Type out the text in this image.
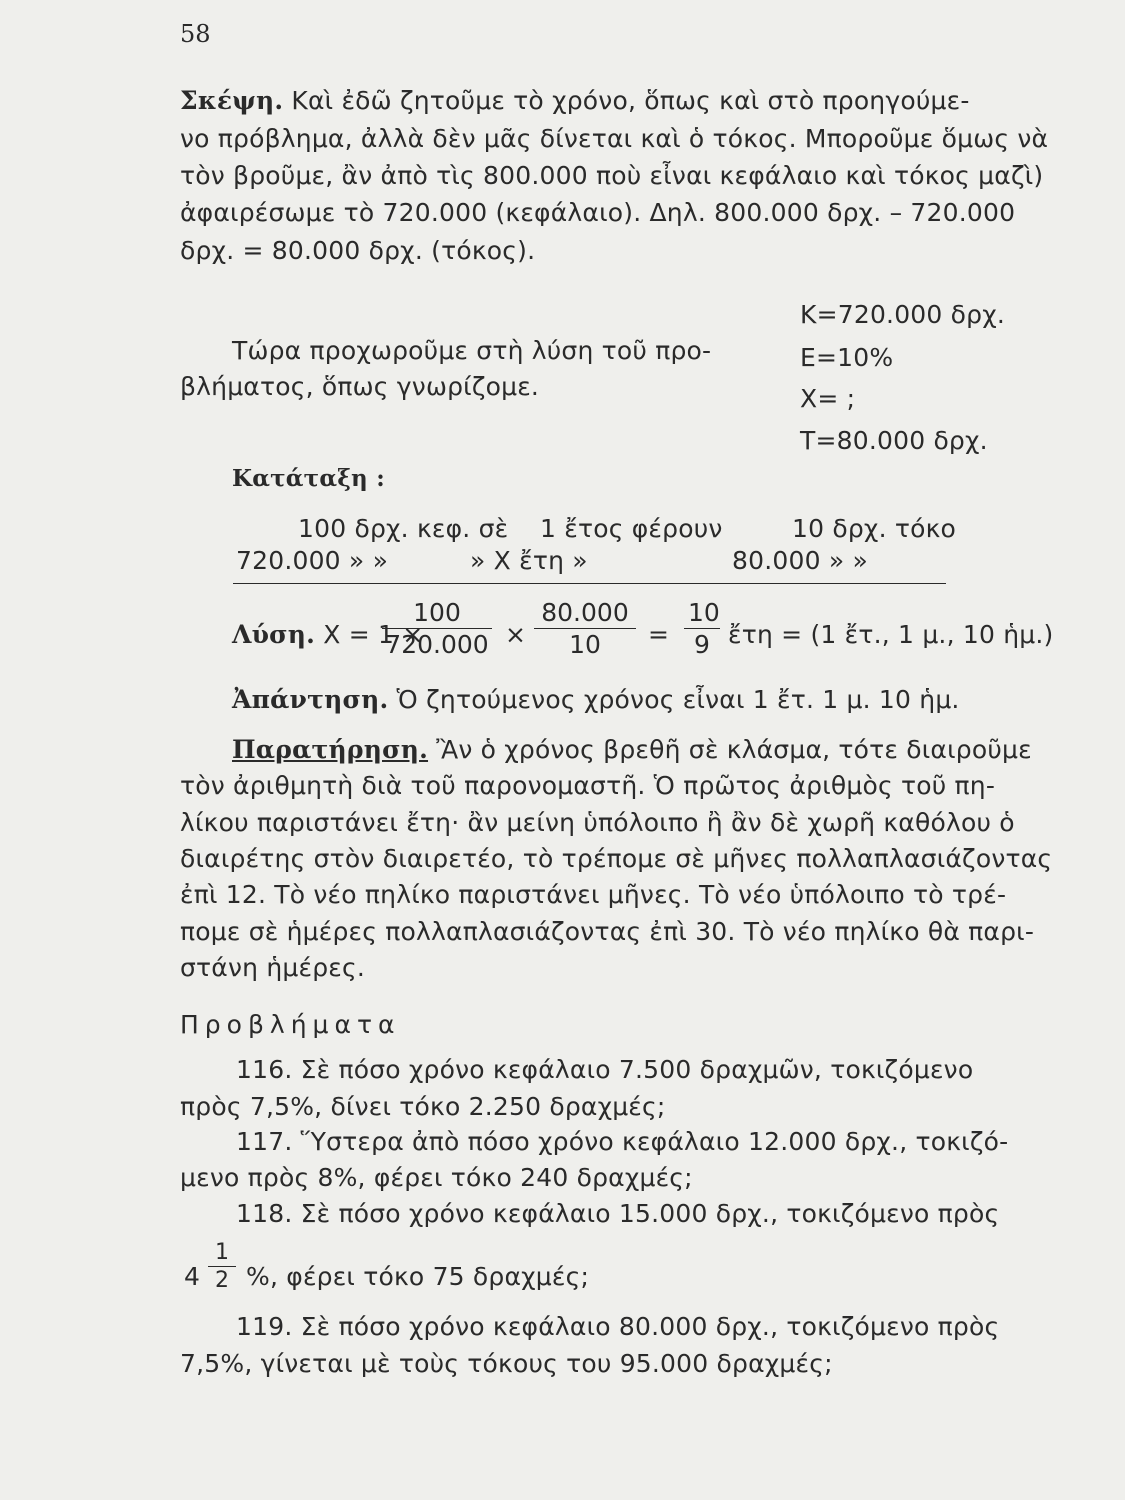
58
Σκέψη. Καὶ ἐδῶ ζητοῦμε τὸ χρόνο, ὅπως καὶ στὸ προηγούμε-
νο πρόβλημα, ἀλλὰ δὲν μᾶς δίνεται καὶ ὁ τόκος. Μποροῦμε ὅμως νὰ
τὸν βροῦμε, ἂν ἀπὸ τὶς 800.000 ποὺ εἶναι κεφάλαιο καὶ τόκος μαζὶ)
ἀφαιρέσωμε τὸ 720.000 (κεφάλαιο). Δηλ. 800.000 δρχ. – 720.000
δρχ. = 80.000 δρχ. (τόκος).
Τώρα προχωροῦμε στὴ λύση τοῦ προ-
βλήματος, ὅπως γνωρίζομε.
Κ=720.000 δρχ.
Ε=10%
Χ= ;
Τ=80.000 δρχ.
Κατάταξη :
100 δρχ. κεφ. σὲ 1 ἔτος φέρουν	10 δρχ. τόκο
720.000 » »	» Χ ἔτη »	80.000 » »
Λύση. Χ = 1 ×
$\frac{100}{720.000} \times \frac{80.000}{10} = \frac{10}{9}$ ἔτη = (1 ἔτ., 1 μ., 10 ἡμ.)
Ἀπάντηση. Ὁ ζητούμενος χρόνος εἶναι 1 ἔτ. 1 μ. 10 ἡμ.
Παρατήρηση. Ἂν ὁ χρόνος βρεθῆ σὲ κλάσμα, τότε διαιροῦμε
τὸν ἀριθμητὴ διὰ τοῦ παρονομαστῆ. Ὁ πρῶτος ἀριθμὸς τοῦ πη-
λίκου παριστάνει ἔτη· ἂν μείνη ὑπόλοιπο ἢ ἂν δὲ χωρῆ καθόλου ὁ
διαιρέτης στὸν διαιρετέο, τὸ τρέπομε σὲ μῆνες πολλαπλασιάζοντας
ἐπὶ 12. Τὸ νέο πηλίκο παριστάνει μῆνες. Τὸ νέο ὑπόλοιπο τὸ τρέ-
πομε σὲ ἡμέρες πολλαπλασιάζοντας ἐπὶ 30. Τὸ νέο πηλίκο θὰ παρι-
στάνη ἡμέρες.
Προβλήματα
116. Σὲ πόσο χρόνο κεφάλαιο 7.500 δραχμῶν, τοκιζόμενο
πρὸς 7,5%, δίνει τόκο 2.250 δραχμές;
117. Ὕστερα ἀπὸ πόσο χρόνο κεφάλαιο 12.000 δρχ., τοκιζό-
μενο πρὸς 8%, φέρει τόκο 240 δραχμές;
118. Σὲ πόσο χρόνο κεφάλαιο 15.000 δρχ., τοκιζόμενο πρὸς
$4 \frac{1}{2}$ %, φέρει τόκο 75 δραχμές;
119. Σὲ πόσο χρόνο κεφάλαιο 80.000 δρχ., τοκιζόμενο πρὸς
7,5%, γίνεται μὲ τοὺς τόκους του 95.000 δραχμές;
